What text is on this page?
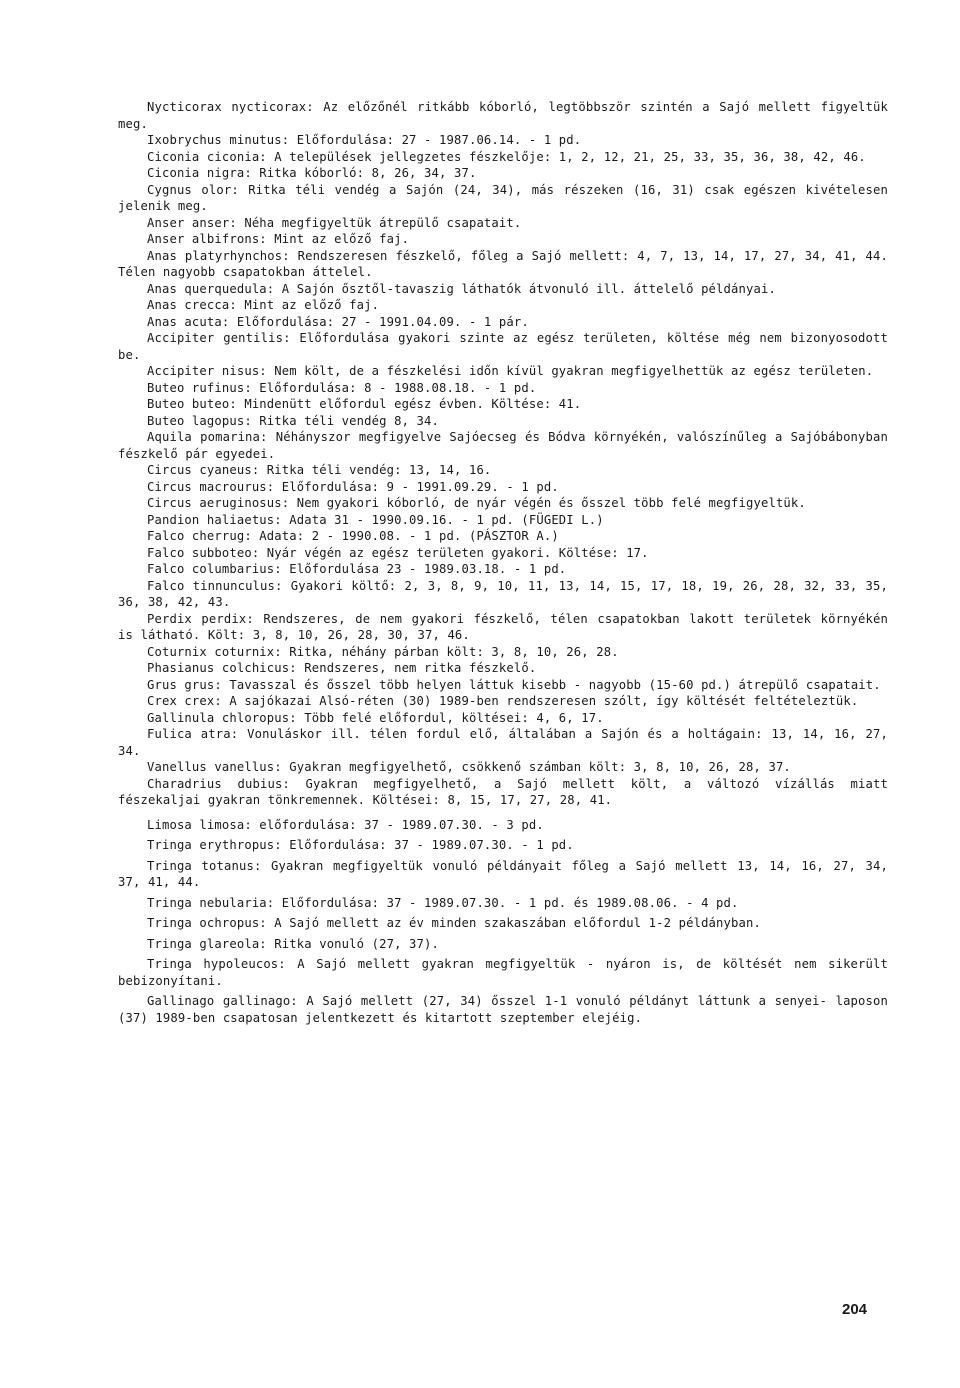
Nycticorax nycticorax: Az előzőnél ritkább kóborló, legtöbbször szintén a Sajó mellett figyeltük meg.

Ixobrychus minutus: Előfordulása: 27 - 1987.06.14. - 1 pd.

Ciconia ciconia: A települések jellegzetes fészkelője: 1, 2, 12, 21, 25, 33, 35, 36, 38, 42, 46.

Ciconia nigra: Ritka kóborló: 8, 26, 34, 37.

Cygnus olor: Ritka téli vendég a Sajón (24, 34), más részeken (16, 31) csak egészen kivételesen jelenik meg.

Anser anser: Néha megfigyeltük átrepülő csapatait.

Anser albifrons: Mint az előző faj.

Anas platyrhynchos: Rendszeresen fészkelő, főleg a Sajó mellett: 4, 7, 13, 14, 17, 27, 34, 41, 44. Télen nagyobb csapatokban áttelel.

Anas querquedula: A Sajón ősztől-tavaszig láthatók átvonuló ill. áttelelő példányai.

Anas crecca: Mint az előző faj.

Anas acuta: Előfordulása: 27 - 1991.04.09. - 1 pár.

Accipiter gentilis: Előfordulása gyakori szinte az egész területen, költése még nem bizonyosodott be.

Accipiter nisus: Nem költ, de a fészkelési időn kívül gyakran megfigyelhettük az egész területen.

Buteo rufinus: Előfordulása: 8 - 1988.08.18. - 1 pd.

Buteo buteo: Mindenütt előfordul egész évben. Költése: 41.

Buteo lagopus: Ritka téli vendég 8, 34.

Aquila pomarina: Néhányszor megfigyelve Sajóecseg és Bódva környékén, valószínűleg a Sajóbábonyban fészkelő pár egyedei.

Circus cyaneus: Ritka téli vendég: 13, 14, 16.

Circus macrourus: Előfordulása: 9 - 1991.09.29. - 1 pd.

Circus aeruginosus: Nem gyakori kóborló, de nyár végén és ősszel több felé megfigyeltük.

Pandion haliaetus: Adata 31 - 1990.09.16. - 1 pd. (FÜGEDI L.)

Falco cherrug: Adata: 2 - 1990.08. - 1 pd. (PÁSZTOR A.)

Falco subboteo: Nyár végén az egész területen gyakori. Költése: 17.

Falco columbarius: Előfordulása 23 - 1989.03.18. - 1 pd.

Falco tinnunculus: Gyakori költő: 2, 3, 8, 9, 10, 11, 13, 14, 15, 17, 18, 19, 26, 28, 32, 33, 35, 36, 38, 42, 43.

Perdix perdix: Rendszeres, de nem gyakori fészkelő, télen csapatokban lakott területek környékén is látható. Költ: 3, 8, 10, 26, 28, 30, 37, 46.

Coturnix coturnix: Ritka, néhány párban költ: 3, 8, 10, 26, 28.

Phasianus colchicus: Rendszeres, nem ritka fészkelő.

Grus grus: Tavasszal és ősszel több helyen láttuk kisebb - nagyobb (15-60 pd.) átrepülő csapatait.

Crex crex: A sajókazai Alsó-réten (30) 1989-ben rendszeresen szólt, így költését feltételeztük.

Gallinula chloropus: Több felé előfordul, költései: 4, 6, 17.

Fulica atra: Vonuláskor ill. télen fordul elő, általában a Sajón és a holtágain: 13, 14, 16, 27, 34.

Vanellus vanellus: Gyakran megfigyelhető, csökkenő számban költ: 3, 8, 10, 26, 28, 37.

Charadrius dubius: Gyakran megfigyelhető, a Sajó mellett költ, a változó vízállás miatt fészekaljai gyakran tönkremennek. Költései: 8, 15, 17, 27, 28, 41.

Limosa limosa: előfordulása: 37 - 1989.07.30. - 3 pd.

Tringa erythropus: Előfordulása: 37 - 1989.07.30. - 1 pd.

Tringa totanus: Gyakran megfigyeltük vonuló példányait főleg a Sajó mellett 13, 14, 16, 27, 34, 37, 41, 44.

Tringa nebularia: Előfordulása: 37 - 1989.07.30. - 1 pd. és 1989.08.06. - 4 pd.

Tringa ochropus: A Sajó mellett az év minden szakaszában előfordul 1-2 példányban.

Tringa glareola: Ritka vonuló (27, 37).

Tringa hypoleucos: A Sajó mellett gyakran megfigyeltük - nyáron is, de költését nem sikerült bebizonyítani.

Gallinago gallinago: A Sajó mellett (27, 34) ősszel 1-1 vonuló példányt láttunk a senyei- laposon (37) 1989-ben csapatosan jelentkezett és kitartott szeptember elejéig.

204
